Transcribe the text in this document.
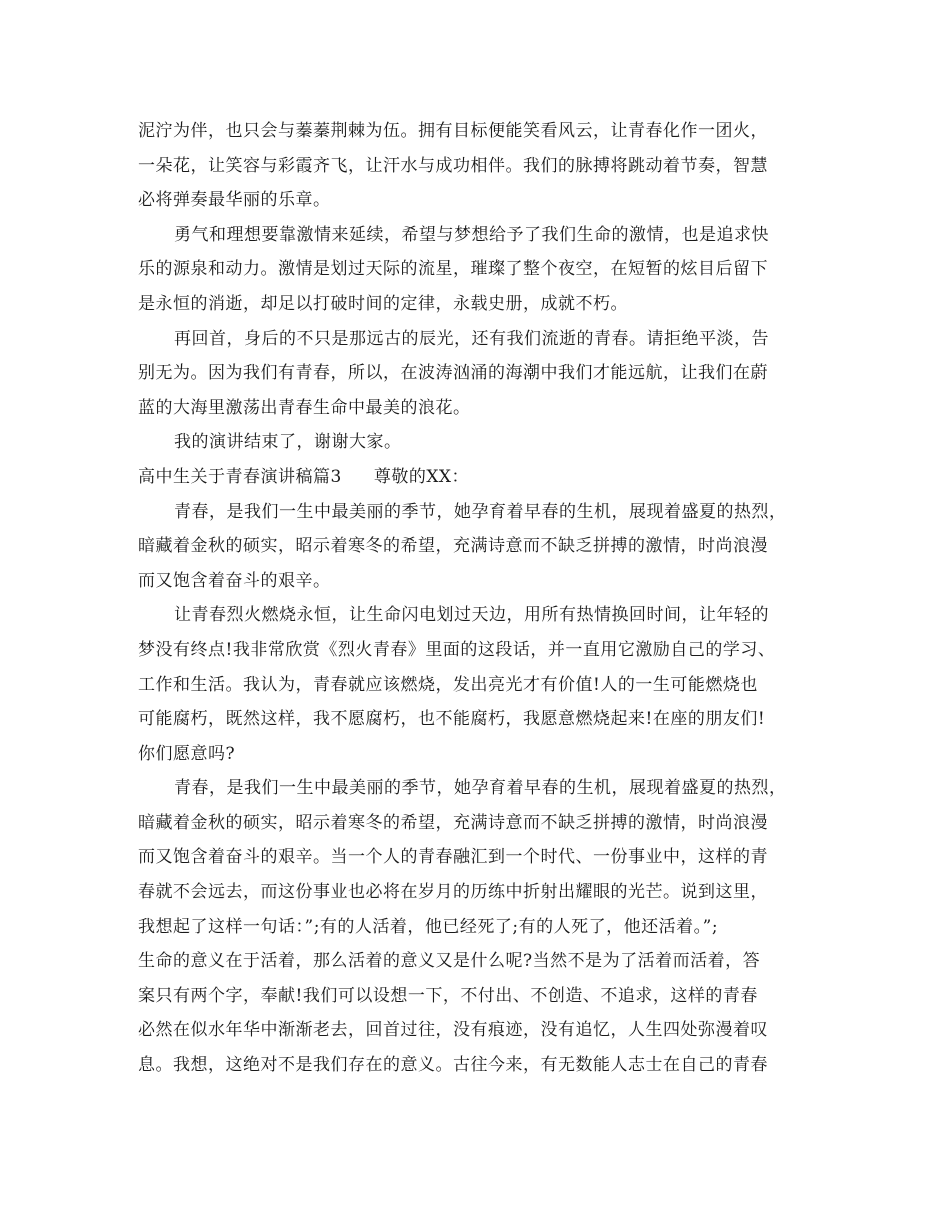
泥泞为伴，也只会与蓁蓁荆棘为伍。拥有目标便能笑看风云，让青春化作一团火，
一朵花，让笑容与彩霞齐飞，让汗水与成功相伴。我们的脉搏将跳动着节奏，智慧
必将弹奏最华丽的乐章。
勇气和理想要靠激情来延续，希望与梦想给予了我们生命的激情，也是追求快
乐的源泉和动力。激情是划过天际的流星，璀璨了整个夜空，在短暂的炫目后留下
是永恒的消逝，却足以打破时间的定律，永载史册，成就不朽。
再回首，身后的不只是那远古的辰光，还有我们流逝的青春。请拒绝平淡，告
别无为。因为我们有青春，所以，在波涛汹涌的海潮中我们才能远航，让我们在蔚
蓝的大海里激荡出青春生命中最美的浪花。
我的演讲结束了，谢谢大家。
高中生关于青春演讲稿篇3 尊敬的XX：
青春，是我们一生中最美丽的季节，她孕育着早春的生机，展现着盛夏的热烈，
暗藏着金秋的硕实，昭示着寒冬的希望，充满诗意而不缺乏拼搏的激情，时尚浪漫
而又饱含着奋斗的艰辛。
让青春烈火燃烧永恒，让生命闪电划过天边，用所有热情换回时间，让年轻的
梦没有终点!我非常欣赏《烈火青春》里面的这段话，并一直用它激励自己的学习、
工作和生活。我认为，青春就应该燃烧，发出亮光才有价值!人的一生可能燃烧也
可能腐朽，既然这样，我不愿腐朽，也不能腐朽，我愿意燃烧起来!在座的朋友们!
你们愿意吗?
青春，是我们一生中最美丽的季节，她孕育着早春的生机，展现着盛夏的热烈，
暗藏着金秋的硕实，昭示着寒冬的希望，充满诗意而不缺乏拼搏的激情，时尚浪漫
而又饱含着奋斗的艰辛。当一个人的青春融汇到一个时代、一份事业中，这样的青
春就不会远去，而这份事业也必将在岁月的历练中折射出耀眼的光芒。说到这里，
我想起了这样一句话：”;有的人活着，他已经死了;有的人死了，他还活着。”;
生命的意义在于活着，那么活着的意义又是什么呢?当然不是为了活着而活着，答
案只有两个字，奉献!我们可以设想一下，不付出、不创造、不追求，这样的青春
必然在似水年华中渐渐老去，回首过往，没有痕迹，没有追忆，人生四处弥漫着叹
息。我想，这绝对不是我们存在的意义。古往今来，有无数能人志士在自己的青春
